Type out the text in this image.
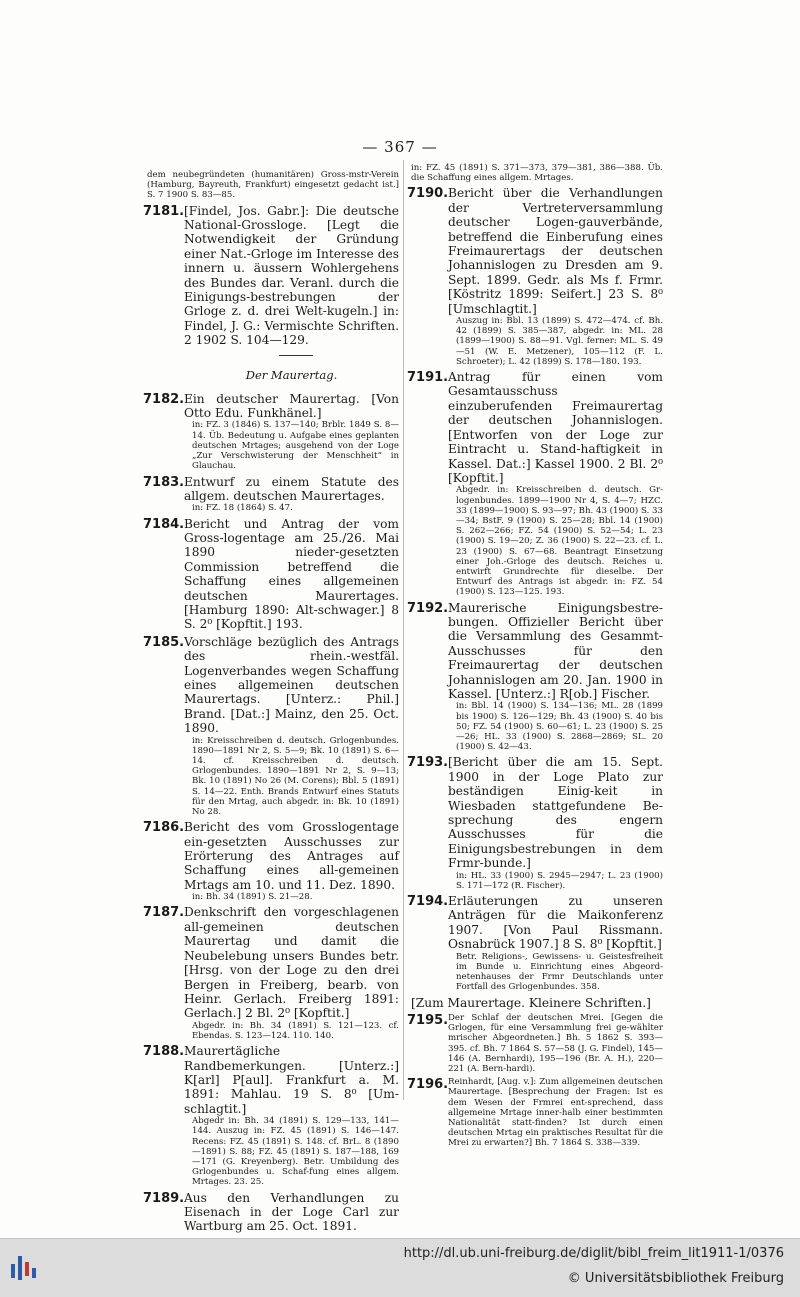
— 367 —
dem neubegründeten (humanitären) Gross-mstr-Verein (Hamburg, Bayreuth, Frankfurt) eingesetzt gedacht ist.] S. 7 1900 S. 83—85.
7181. [Findel, Jos. Gabr.]: Die deutsche National-Grossloge. [Legt die Notwendigkeit der Gründung einer Nat.-Grloge im Interesse des innern u. äussern Wohlergehens des Bundes dar. Veranl. durch die Einigungs-bestrebungen der Grloge z. d. drei Welt-kugeln.] in: Findel, J. G.: Vermischte Schriften. 2 1902 S. 104—129.
Der Maurertag.
7182. Ein deutscher Maurertag. [Von Otto Edu. Funkhänel.]
in: FZ. 3 (1846) S. 137—140; Brblr. 1849 S. 8—14. Üb. Bedeutung u. Aufgabe eines geplanten deutschen Mrtages; ausgehend von der Loge „Zur Verschwisterung der Menschheit“ in Glauchau.
7183. Entwurf zu einem Statute des allgem. deutschen Maurertages.
in: FZ. 18 (1864) S. 47.
7184. Bericht und Antrag der vom Gross-logentage am 25./26. Mai 1890 nieder-gesetzten Commission betreffend die Schaffung eines allgemeinen deutschen Maurertages. [Hamburg 1890: Alt-schwager.] 8 S. 2⁰ [Kopftit.] 193.
7185. Vorschläge bezüglich des Antrags des rhein.-westfäl. Logenverbandes wegen Schaffung eines allgemeinen deutschen Maurertags. [Unterz.: Phil.] Brand. [Dat.:] Mainz, den 25. Oct. 1890.
in: Kreisschreiben d. deutsch. Grlogenbundes. 1890—1891 Nr 2, S. 5—9; Bk. 10 (1891) S. 6—14. cf. Kreisschreiben d. deutsch. Grlogenbundes. 1890—1891 Nr 2, S. 9—13; Bk. 10 (1891) No 26 (M. Corens); Bbl. 5 (1891) S. 14—22. Enth. Brands Entwurf eines Statuts für den Mrtag, auch abgedr. in: Bk. 10 (1891) No 28.
7186. Bericht des vom Grosslogentage ein-gesetzten Ausschusses zur Erörterung des Antrages auf Schaffung eines all-gemeinen Mrtags am 10. und 11. Dez. 1890.
in: Bh. 34 (1891) S. 21—28.
7187. Denkschrift den vorgeschlagenen all-gemeinen deutschen Maurertag und damit die Neubelebung unsers Bundes betr. [Hrsg. von der Loge zu den drei Bergen in Freiberg, bearb. von Heinr. Gerlach. Freiberg 1891: Gerlach.] 2 Bl. 2⁰ [Kopftit.]
Abgedr. in: Bh. 34 (1891) S. 121—123. cf. Ebendas. S. 123—124. 110. 140.
7188. Maurertägliche Randbemerkungen. [Unterz.:] K[arl] P[aul]. Frankfurt a. M. 1891: Mahlau. 19 S. 8⁰ [Um-schlagtit.]
Abgedr in: Bh. 34 (1891) S. 129—133, 141—144. Auszug in: FZ. 45 (1891) S. 146—147. Recens: FZ. 45 (1891) S. 148. cf. BrL. 8 (1890—1891) S. 88; FZ. 45 (1891) S. 187—188, 169—171 (G. Kreyenberg). Betr. Umbildung des Grlogenbundes u. Schaf-fung eines allgem. Mrtages. 23. 25.
7189. Aus den Verhandlungen zu Eisenach in der Loge Carl zur Wartburg am 25. Oct. 1891.
in: FZ. 45 (1891) S. 371—373, 379—381, 386—388. Üb. die Schaffung eines allgem. Mrtages.
7190. Bericht über die Verhandlungen der Vertreterversammlung deutscher Logen-gauverbände, betreffend die Einberufung eines Freimaurertags der deutschen Johannislogen zu Dresden am 9. Sept. 1899. Gedr. als Ms f. Frmr. [Köstritz 1899: Seifert.] 23 S. 8⁰ [Umschlagtit.]
Auszug in: Bbl. 13 (1899) S. 472—474. cf. Bh. 42 (1899) S. 385—387, abgedr. in: ML. 28 (1899—1900) S. 88—91. Vgl. ferner: ML. S. 49—51 (W. E. Metzener), 105—112 (F. L. Schroeter); L. 42 (1899) S. 178—180. 193.
7191. Antrag für einen vom Gesamtausschuss einzuberufenden Freimaurertag der deutschen Johannislogen. [Entworfen von der Loge zur Eintracht u. Stand-haftigkeit in Kassel. Dat.:] Kassel 1900. 2 Bl. 2⁰ [Kopftit.]
Abgedr. in: Kreisschreiben d. deutsch. Gr-logenbundes. 1899—1900 Nr 4, S. 4—7; HZC. 33 (1899—1900) S. 93—97; Bh. 43 (1900) S. 33—34; BstF. 9 (1900) S. 25—28; Bbl. 14 (1900) S. 262—266; FZ. 54 (1900) S. 52—54; L. 23 (1900) S. 19—20; Z. 36 (1900) S. 22—23. cf. L. 23 (1900) S. 67—68. Beantragt Einsetzung einer Joh.-Grloge des deutsch. Reiches u. entwirft Grundrechte für dieselbe. Der Entwurf des Antrags ist abgedr. in: FZ. 54 (1900) S. 123—125. 193.
7192. Maurerische Einigungsbestre-bungen. Offizieller Bericht über die Versammlung des Gesammt-Ausschusses für den Freimaurertag der deutschen Johannislogen am 20. Jan. 1900 in Kassel. [Unterz.:] R[ob.] Fischer.
in: Bbl. 14 (1900) S. 134—136; ML. 28 (1899 bis 1900) S. 126—129; Bh. 43 (1900) S. 40 bis 50; FZ. 54 (1900) S. 60—61; L. 23 (1900) S. 25—26; HL. 33 (1900) S. 2868—2869; SL. 20 (1900) S. 42—43.
7193. [Bericht über die am 15. Sept. 1900 in der Loge Plato zur beständigen Einig-keit in Wiesbaden stattgefundene Be-sprechung des engern Ausschusses für die Einigungsbestrebungen in dem Frmr-bunde.]
in: HL. 33 (1900) S. 2945—2947; L. 23 (1900) S. 171—172 (R. Fischer).
7194. Erläuterungen zu unseren Anträgen für die Maikonferenz 1907. [Von Paul Rissmann. Osnabrück 1907.] 8 S. 8⁰ [Kopftit.]
Betr. Religions-, Gewissens- u. Geistesfreiheit im Bunde u. Einrichtung eines Abgeord-netenhauses der Frmr Deutschlands unter Fortfall des Grlogenbundes. 358.
[Zum Maurertage. Kleinere Schriften.]
7195. Der Schlaf der deutschen Mrei. [Gegen die Grlogen, für eine Versammlung frei ge-wählter mrischer Abgeordneten.] Bh. 5 1862 S. 393—395. cf. Bh. 7 1864 S. 57—58 (J. G. Findel), 145—146 (A. Bernhardi), 195—196 (Br. A. H.), 220—221 (A. Bern-hardi).
7196. Reinhardt, [Aug. v.]: Zum allgemeinen deutschen Maurertage. [Besprechung der Fragen: Ist es dem Wesen der Frmrei ent-sprechend, dass allgemeine Mrtage inner-halb einer bestimmten Nationalität statt-finden? Ist durch einen deutschen Mrtag ein praktisches Resultat für die Mrei zu erwarten?] Bh. 7 1864 S. 338—339.
http://dl.ub.uni-freiburg.de/diglit/bibl_freim_lit1911-1/0376
© Universitätsbibliothek Freiburg
